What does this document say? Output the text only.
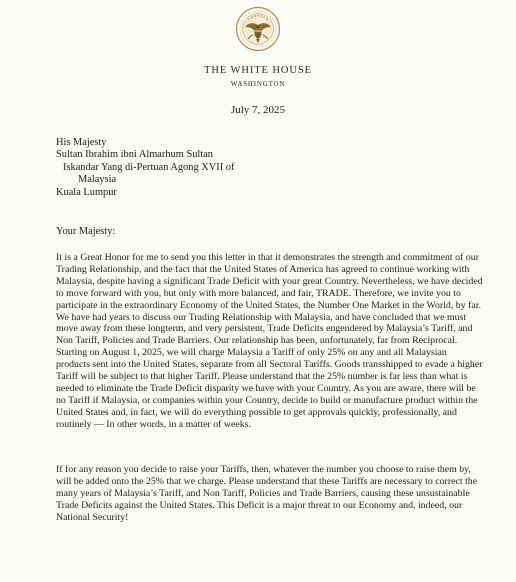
THE WHITE HOUSE
WASHINGTON
July 7, 2025
His Majesty
Sultan Ibrahim ibni Almarhum Sultan
Iskandar Yang di-Pertuan Agong XVII of
Malaysia
Kuala Lumpur
Your Majesty:
It is a Great Honor for me to send you this letter in that it demonstrates the strength and commitment of our Trading Relationship, and the fact that the United States of America has agreed to continue working with Malaysia, despite having a significant Trade Deficit with your great Country. Nevertheless, we have decided to move forward with you, but only with more balanced, and fair, TRADE. Therefore, we invite you to participate in the extraordinary Economy of the United States, the Number One Market in the World, by far. We have had years to discuss our Trading Relationship with Malaysia, and have concluded that we must move away from these longterm, and very persistent, Trade Deficits engendered by Malaysia’s Tariff, and Non Tariff, Policies and Trade Barriers. Our relationship has been, unfortunately, far from Reciprocal. Starting on August 1, 2025, we will charge Malaysia a Tariff of only 25% on any and all Malaysian products sent into the United States, separate from all Sectoral Tariffs. Goods transshipped to evade a higher Tariff will be subject to that higher Tariff. Please understand that the 25% number is far less than what is needed to eliminate the Trade Deficit disparity we have with your Country. As you are aware, there will be no Tariff if Malaysia, or companies within your Country, decide to build or manufacture product within the United States and, in fact, we will do everything possible to get approvals quickly, professionally, and routinely — In other words, in a matter of weeks.
If for any reason you decide to raise your Tariffs, then, whatever the number you choose to raise them by, will be added onto the 25% that we charge. Please understand that these Tariffs are necessary to correct the many years of Malaysia’s Tariff, and Non Tariff, Policies and Trade Barriers, causing these unsustainable Trade Deficits against the United States. This Deficit is a major threat to our Economy and, indeed, our National Security!
